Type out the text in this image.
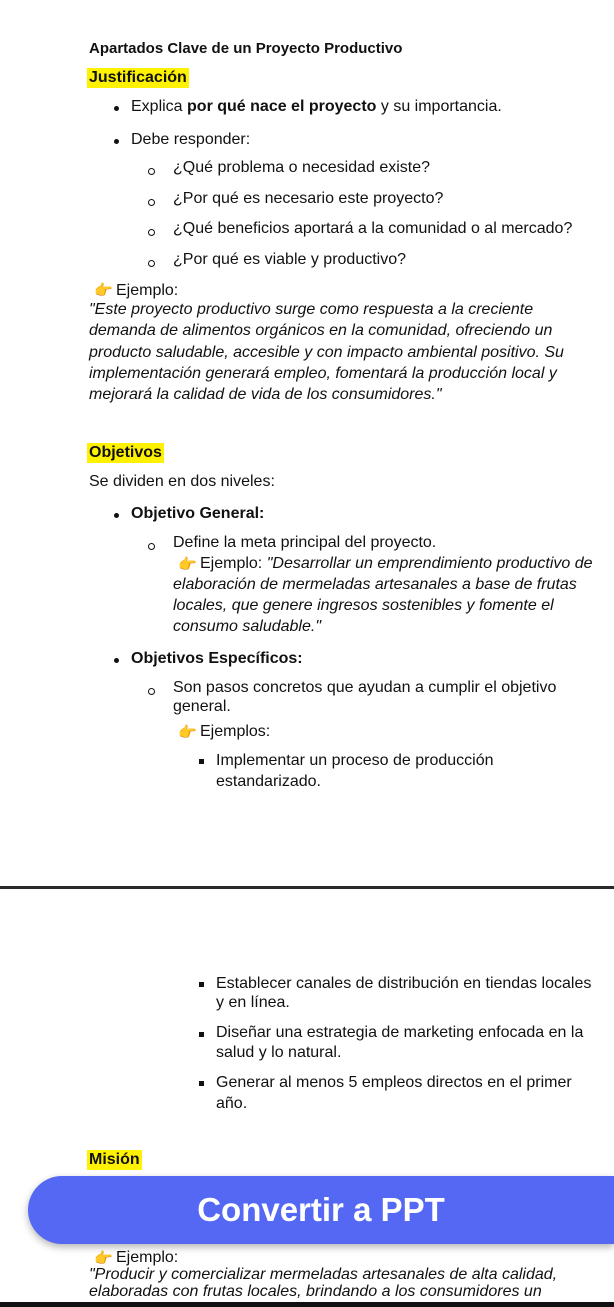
Apartados Clave de un Proyecto Productivo
Justificación
Explica por qué nace el proyecto y su importancia.
Debe responder:
¿Qué problema o necesidad existe?
¿Por qué es necesario este proyecto?
¿Qué beneficios aportará a la comunidad o al mercado?
¿Por qué es viable y productivo?
👉 Ejemplo:
"Este proyecto productivo surge como respuesta a la creciente
demanda de alimentos orgánicos en la comunidad, ofreciendo un
producto saludable, accesible y con impacto ambiental positivo. Su
implementación generará empleo, fomentará la producción local y
mejorará la calidad de vida de los consumidores."
Objetivos
Se dividen en dos niveles:
Objetivo General:
Define la meta principal del proyecto.
👉 Ejemplo: "Desarrollar un emprendimiento productivo de
elaboración de mermeladas artesanales a base de frutas
locales, que genere ingresos sostenibles y fomente el
consumo saludable."
Objetivos Específicos:
Son pasos concretos que ayudan a cumplir el objetivo
general.
👉 Ejemplos:
Implementar un proceso de producción
estandarizado.
Establecer canales de distribución en tiendas locales
y en línea.
Diseñar una estrategia de marketing enfocada en la
salud y lo natural.
Generar al menos 5 empleos directos en el primer
año.
Misión
Convertir a PPT
👉 Ejemplo:
"Producir y comercializar mermeladas artesanales de alta calidad,
elaboradas con frutas locales, brindando a los consumidores un
